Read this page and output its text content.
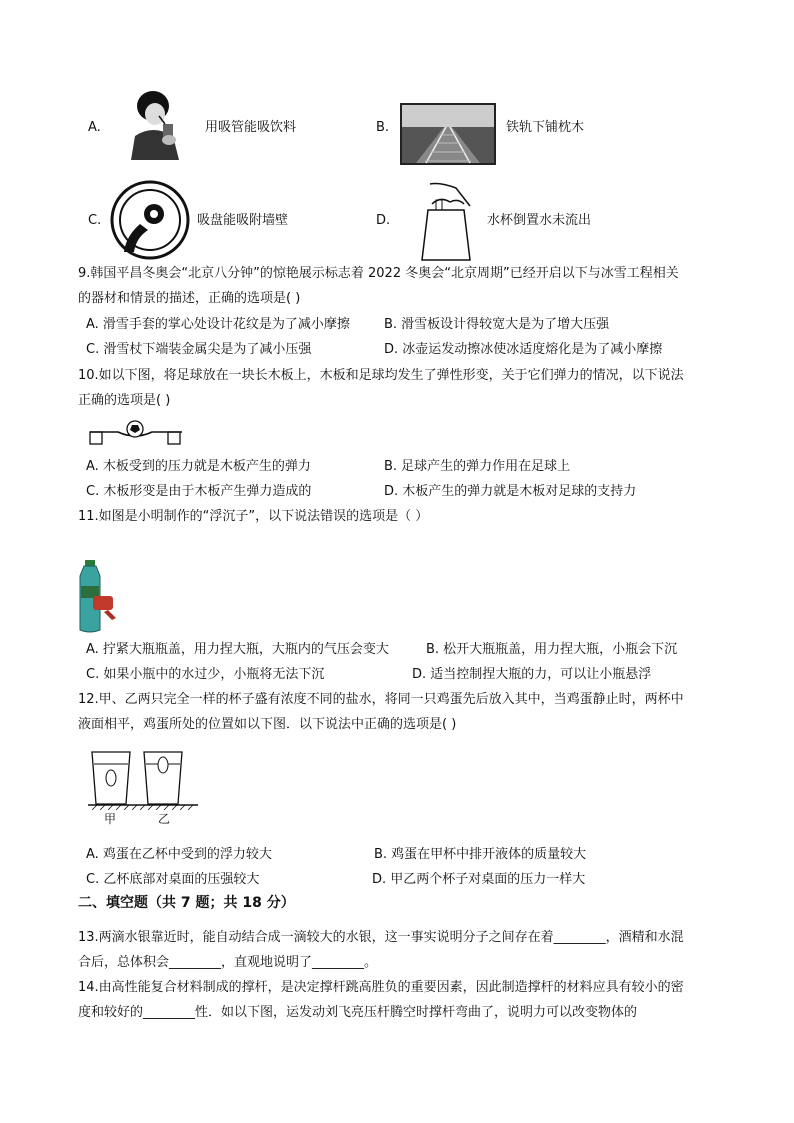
A.	用吸管能吸饮料	B.	铁轨下铺枕木
C.	吸盘能吸附墙壁	D.	水杯倒置水未流出
9.韩国平昌冬奥会“北京八分钟”的惊艳展示标志着 2022 冬奥会“北京周期”已经开启以下与冰雪工程相关
的器材和情景的描述，正确的选项是( )
A. 滑雪手套的掌心处设计花纹是为了减小摩擦	B. 滑雪板设计得较宽大是为了增大压强
C. 滑雪杖下端装金属尖是为了减小压强	D. 冰壶运发动擦冰使冰适度熔化是为了减小摩擦
10.如以下图，将足球放在一块长木板上，木板和足球均发生了弹性形变，关于它们弹力的情况，以下说法
正确的选项是( )
A. 木板受到的压力就是木板产生的弹力	B. 足球产生的弹力作用在足球上
C. 木板形变是由于木板产生弹力造成的	D. 木板产生的弹力就是木板对足球的支持力
11.如图是小明制作的“浮沉子”，以下说法错误的选项是（ ）
A. 拧紧大瓶瓶盖，用力捏大瓶，大瓶内的气压会变大	B. 松开大瓶瓶盖，用力捏大瓶，小瓶会下沉
C. 如果小瓶中的水过少，小瓶将无法下沉	D. 适当控制捏大瓶的力，可以让小瓶悬浮
12.甲、乙两只完全一样的杯子盛有浓度不同的盐水，将同一只鸡蛋先后放入其中，当鸡蛋静止时，两杯中
液面相平，鸡蛋所处的位置如以下图．以下说法中正确的选项是( )
甲	乙
A. 鸡蛋在乙杯中受到的浮力较大	B. 鸡蛋在甲杯中排开液体的质量较大
C. 乙杯底部对桌面的压强较大	D. 甲乙两个杯子对桌面的压力一样大
二、填空题（共 7 题；共 18 分）
13.两滴水银靠近时，能自动结合成一滴较大的水银，这一事实说明分子之间存在着________，酒精和水混
合后，总体积会________，直观地说明了________。
14.由高性能复合材料制成的撑杆，是决定撑杆跳高胜负的重要因素，因此制造撑杆的材料应具有较小的密
度和较好的________性．如以下图，运发动刘飞亮压杆腾空时撑杆弯曲了，说明力可以改变物体的
